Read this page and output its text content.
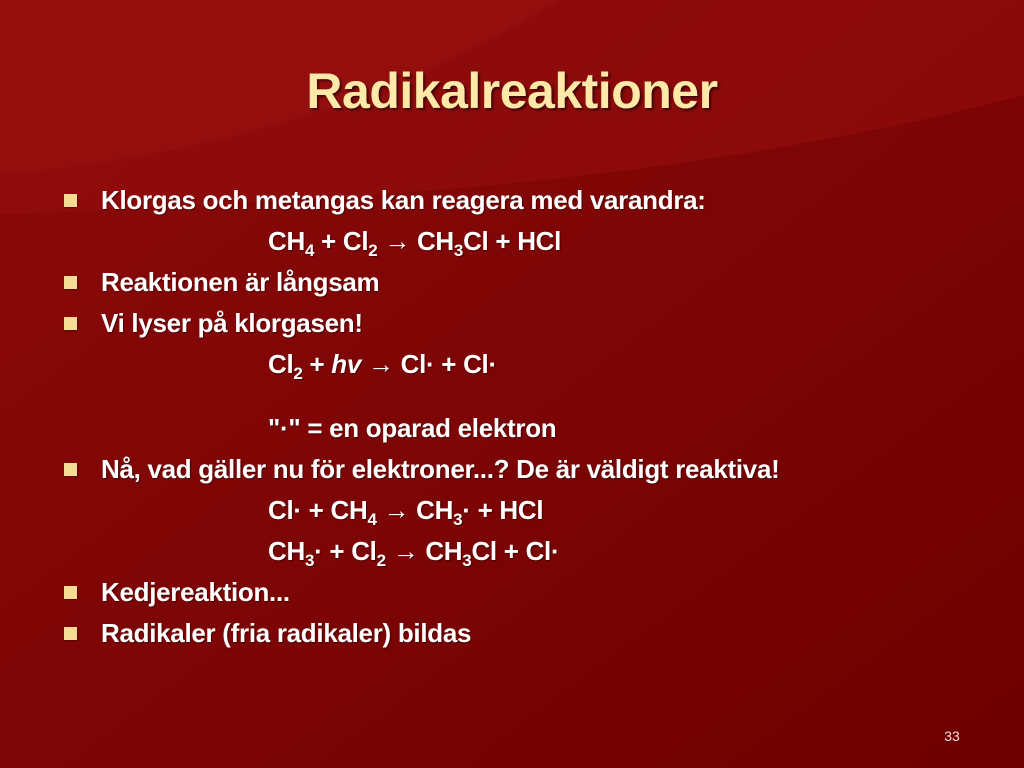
Radikalreaktioner
Klorgas och metangas kan reagera med varandra:
$CH_4 + Cl_2 \to CH_3Cl$ + HCl
Reaktionen är långsam
Vi lyser på klorgasen!
$Cl_2$ + hv → Cl· + Cl·
"·" = en oparad elektron
Nå, vad gäller nu för elektroner...? De är väldigt reaktiva!
$Cl\cdot + CH_4 \to CH_3\cdot$ + HCl
$CH_3\cdot + Cl_2 \to CH_3Cl + Cl\cdot$
Kedjereaktion...
Radikaler (fria radikaler) bildas
33
